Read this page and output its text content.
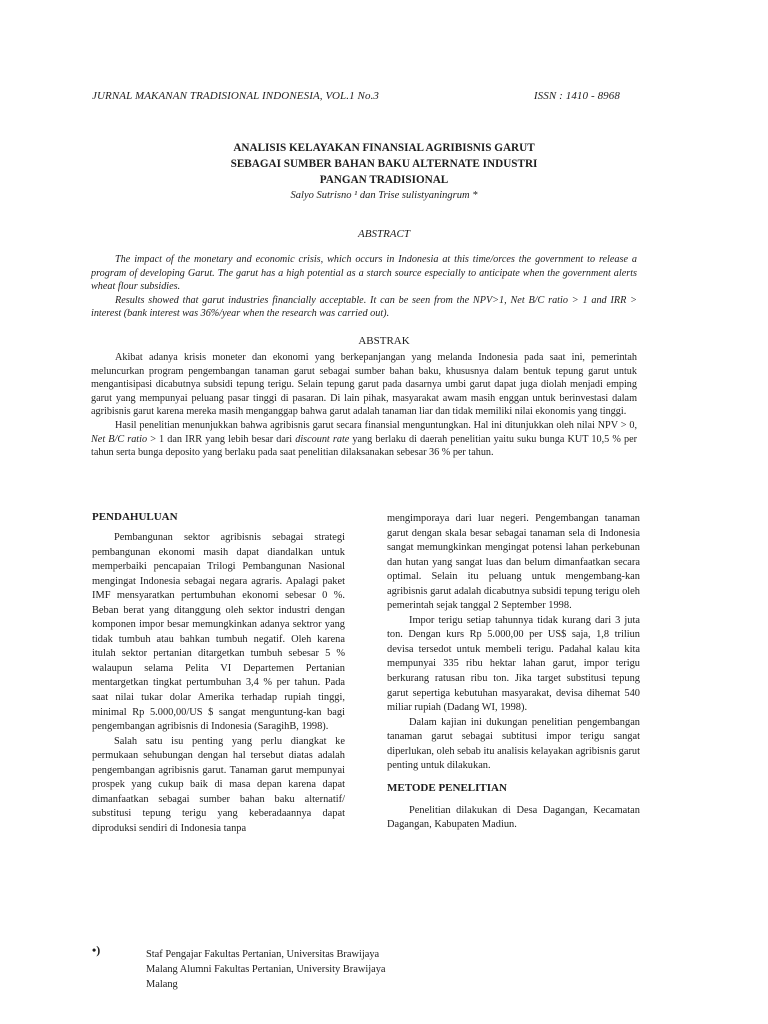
JURNAL MAKANAN TRADISIONAL INDONESIA, VOL.1 No.3	ISSN : 1410 - 8968
ANALISIS KELAYAKAN FINANSIAL AGRIBISNIS GARUT
SEBAGAI SUMBER BAHAN BAKU ALTERNATE INDUSTRI
PANGAN TRADISIONAL
Salyo Sutrisno ¹ dan Trise sulistyaningrum *
ABSTRACT

The impact of the monetary and economic crisis, which occurs in Indonesia at this time/orces the government to release a program of developing Garut. The garut has a high potential as a starch source especially to anticipate when the government alerts wheat flour subsidies.

Results showed that garut industries financially acceptable. It can be seen from the NPV>1, Net B/C ratio > 1 and IRR > interest (bank interest was 36%/year when the research was carried out).

ABSTRAK

Akibat adanya krisis moneter dan ekonomi yang berkepanjangan yang melanda Indonesia pada saat ini, pemerintah meluncurkan program pengembangan tanaman garut sebagai sumber bahan baku, khususnya dalam bentuk tepung garut untuk mengantisipasi dicabutnya subsidi tepung terigu. Selain tepung garut pada dasarnya umbi garut dapat juga diolah menjadi emping garut yang mempunyai peluang pasar tinggi di pasaran. Di lain pihak, masyarakat awam masih enggan untuk berinvestasi dalam agribisnis garut karena mereka masih menganggap bahwa garut adalah tanaman liar dan tidak memiliki nilai ekonomis yang tinggi.

Hasil penelitian menunjukkan bahwa agribisnis garut secara finansial menguntungkan. Hal ini ditunjukkan oleh nilai NPV > 0, Net B/C ratio > 1 dan IRR yang lebih besar dari discount rate yang berlaku di daerah penelitian yaitu suku bunga KUT 10,5 % per tahun serta bunga deposito yang berlaku pada saat penelitian dilaksanakan sebesar 36 % per tahun.

PENDAHULUAN

Pembangunan sektor agribisnis sebagai strategi pembangunan ekonomi masih dapat diandalkan untuk memperbaiki pencapaian Trilogi Pembangunan Nasional mengingat Indonesia sebagai negara agraris. Apalagi paket IMF mensyaratkan pertumbuhan ekonomi sebesar 0 %. Beban berat yang ditanggung oleh sektor industri dengan komponen impor besar memungkinkan adanya sektror yang tidak tumbuh atau bahkan tumbuh negatif. Oleh karena itulah sektor pertanian ditargetkan tumbuh sebesar 5 % walaupun selama Pelita VI Departemen Pertanian mentargetkan tingkat pertumbuhan 3,4 % per tahun. Pada saat nilai tukar dolar Amerika terhadap rupiah tinggi, minimal Rp 5.000,00/US $ sangat menguntung-kan bagi pengembangan agribisnis di Indonesia (SaragihB, 1998).

Salah satu isu penting yang perlu diangkat ke permukaan sehubungan dengan hal tersebut diatas adalah pengembangan agribisnis garut. Tanaman garut mempunyai prospek yang cukup baik di masa depan karena dapat dimanfaatkan sebagai sumber bahan baku alternatif/ substitusi tepung terigu yang keberadaannya dapat diproduksi sendiri di Indonesia tanpa

mengimporaya dari luar negeri. Pengembangan tanaman garut dengan skala besar sebagai tanaman sela di Indonesia sangat memungkinkan mengingat potensi lahan perkebunan dan hutan yang sangat luas dan belum dimanfaatkan secara optimal. Selain itu peluang untuk mengembang-kan agribisnis garut adalah dicabutnya subsidi tepung terigu oleh pemerintah sejak tanggal 2 September 1998.

Impor terigu setiap tahunnya tidak kurang dari 3 juta ton. Dengan kurs Rp 5.000,00 per US$ saja, 1,8 triliun devisa tersedot untuk membeli terigu. Padahal kalau kita mempunyai 335 ribu hektar lahan garut, impor terigu berkurang ratusan ribu ton. Jika target substitusi tepung garut sepertiga kebutuhan masyarakat, devisa dihemat 540 miliar rupiah (Dadang WI, 1998).

Dalam kajian ini dukungan penelitian pengembangan tanaman garut sebagai subtitusi impor terigu sangat diperlukan, oleh sebab itu analisis kelayakan agribisnis garut penting untuk dilakukan.

METODE PENELITIAN

Penelitian dilakukan di Desa Dagangan, Kecamatan Dagangan, Kabupaten Madiun.

•)	Staf Pengajar Fakultas Pertanian, Universitas Brawijaya
Malang Alumni Fakultas Pertanian, University Brawijaya
Malang
